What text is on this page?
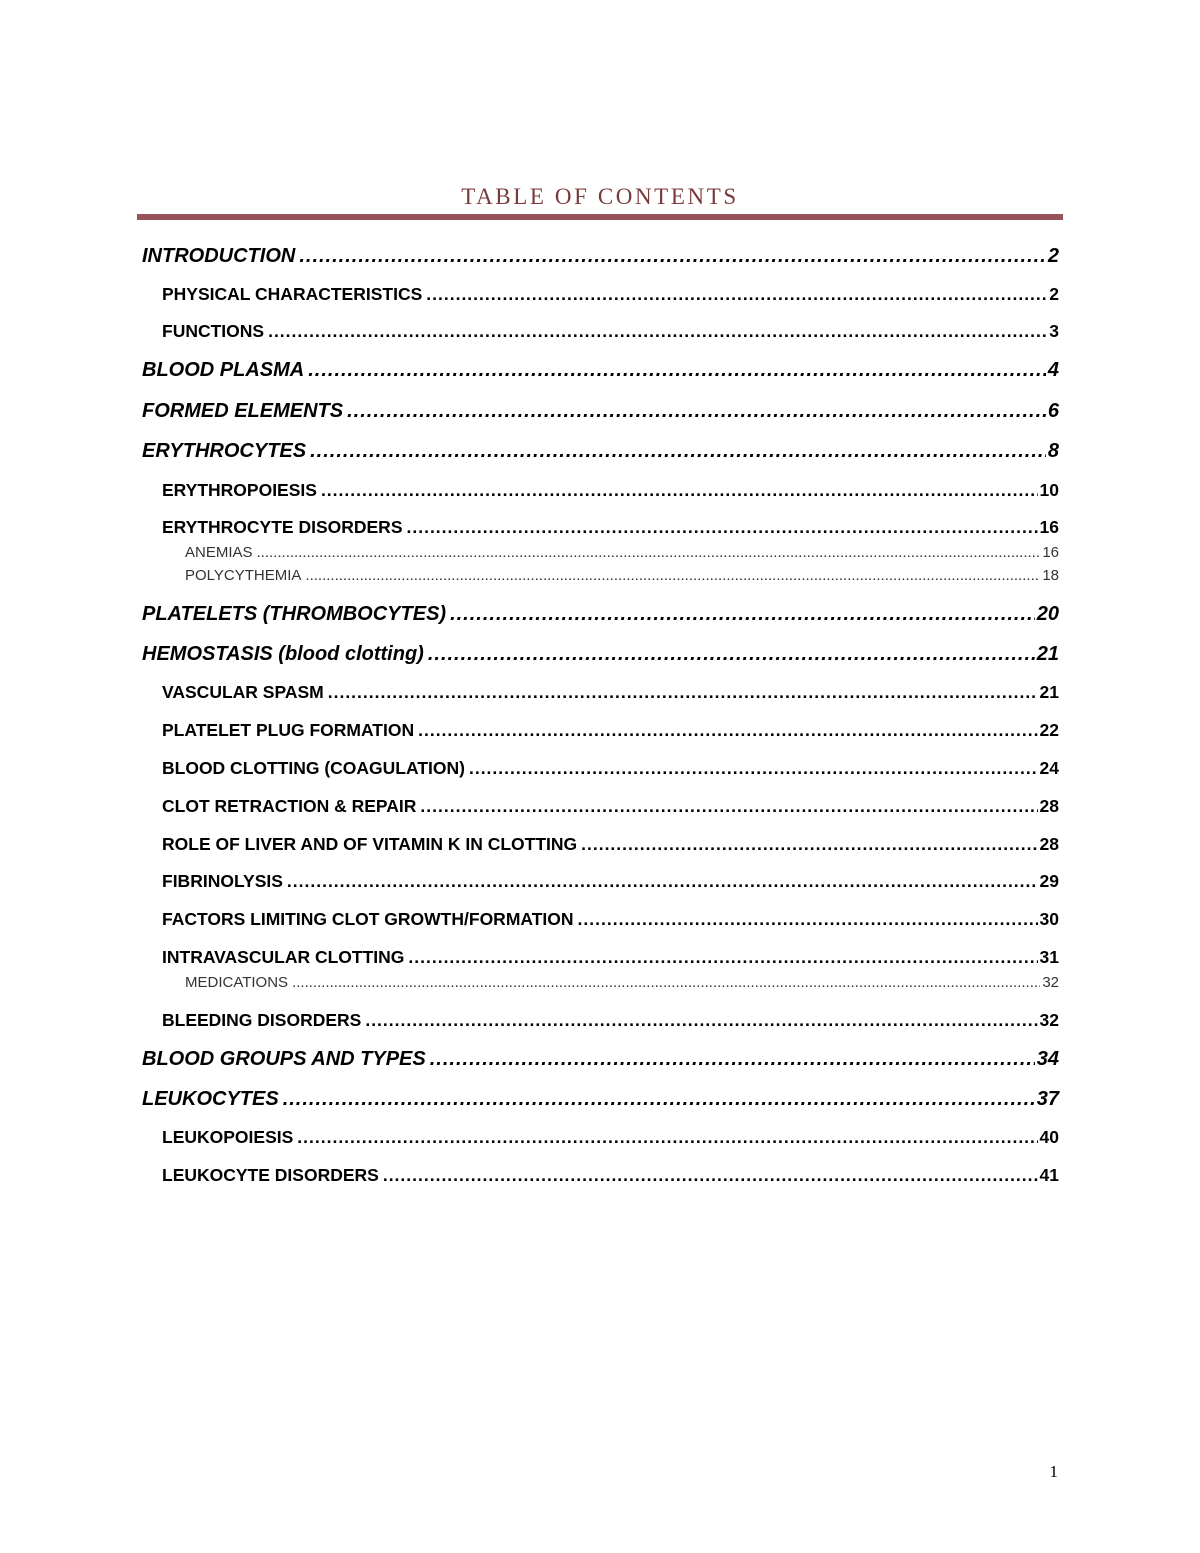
TABLE OF CONTENTS
INTRODUCTION .....	2
PHYSICAL CHARACTERISTICS .....	2
FUNCTIONS .....	3
BLOOD PLASMA .....	4
FORMED ELEMENTS .....	6
ERYTHROCYTES .....	8
ERYTHROPOIESIS .....	10
ERYTHROCYTE DISORDERS .....	16
ANEMIAS .....	16
POLYCYTHEMIA .....	18
PLATELETS (THROMBOCYTES) .....	20
HEMOSTASIS (blood clotting) .....	21
VASCULAR SPASM .....	21
PLATELET PLUG FORMATION .....	22
BLOOD CLOTTING (COAGULATION) .....	24
CLOT RETRACTION & REPAIR .....	28
ROLE OF LIVER AND OF VITAMIN K IN CLOTTING .....	28
FIBRINOLYSIS .....	29
FACTORS LIMITING CLOT GROWTH/FORMATION .....	30
INTRAVASCULAR CLOTTING .....	31
MEDICATIONS .....	32
BLEEDING DISORDERS .....	32
BLOOD GROUPS AND TYPES .....	34
LEUKOCYTES .....	37
LEUKOPOIESIS .....	40
LEUKOCYTE DISORDERS .....	41
1
